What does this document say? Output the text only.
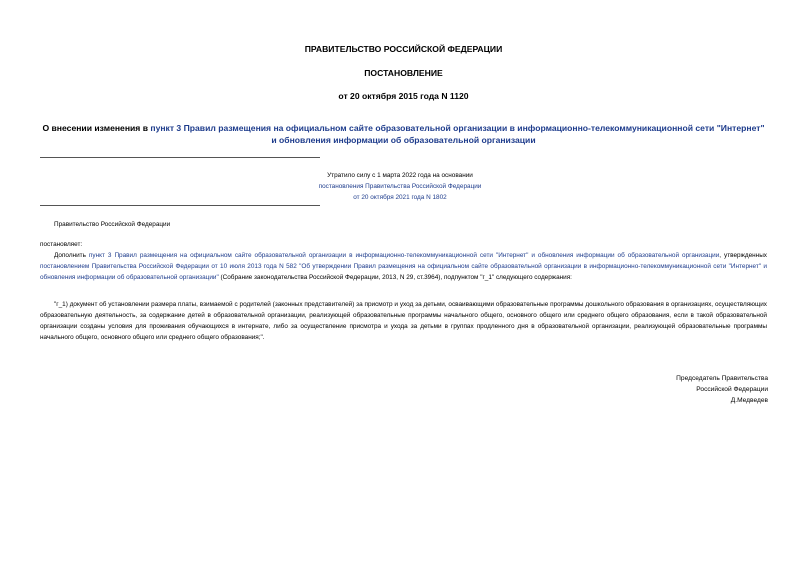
ПРАВИТЕЛЬСТВО РОССИЙСКОЙ ФЕДЕРАЦИИ
ПОСТАНОВЛЕНИЕ
от 20 октября 2015 года N 1120
О внесении изменения в пункт 3 Правил размещения на официальном сайте образовательной организации в информационно-телекоммуникационной сети "Интернет" и обновления информации об образовательной организации
Утратило силу с 1 марта 2022 года на основании
постановления Правительства Российской Федерации
от 20 октября 2021 года N 1802
Правительство Российской Федерации
постановляет:
Дополнить пункт 3 Правил размещения на официальном сайте образовательной организации в информационно-телекоммуникационной сети "Интернет" и обновления информации об образовательной организации, утвержденных постановлением Правительства Российской Федерации от 10 июля 2013 года N 582 "Об утверждении Правил размещения на официальном сайте образовательной организации в информационно-телекоммуникационной сети "Интернет" и обновления информации об образовательной организации" (Собрание законодательства Российской Федерации, 2013, N 29, ст.3964), подпунктом "г_1" следующего содержания:
"г_1) документ об установлении размера платы, взимаемой с родителей (законных представителей) за присмотр и уход за детьми, осваивающими образовательные программы дошкольного образования в организациях, осуществляющих образовательную деятельность, за содержание детей в образовательной организации, реализующей образовательные программы начального общего, основного общего или среднего общего образования, если в такой образовательной организации созданы условия для проживания обучающихся в интернате, либо за осуществление присмотра и ухода за детьми в группах продленного дня в образовательной организации, реализующей образовательные программы начального общего, основного общего или среднего общего образования;".
Председатель Правительства
Российской Федерации
Д.Медведев
